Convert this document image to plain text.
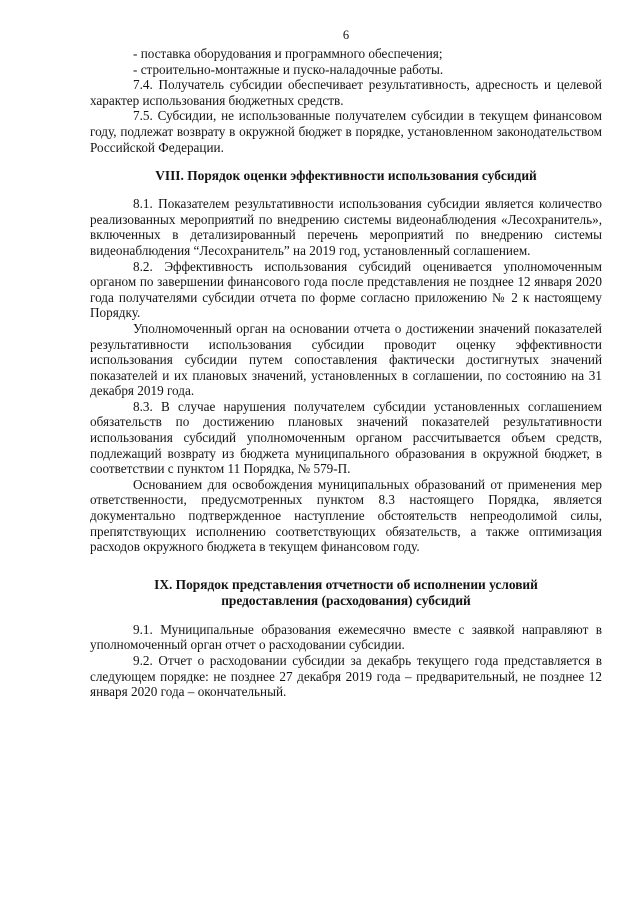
6

- поставка оборудования и программного обеспечения;

- строительно-монтажные и пуско-наладочные работы.

7.4. Получатель субсидии обеспечивает результативность, адресность и целевой характер использования бюджетных средств.

7.5. Субсидии, не использованные получателем субсидии в текущем финансовом году, подлежат возврату в окружной бюджет в порядке, установленном законодательством Российской Федерации.

VIII. Порядок оценки эффективности использования субсидий

8.1. Показателем результативности использования субсидии является количество реализованных мероприятий по внедрению системы видеонаблюдения «Лесохранитель», включенных в детализированный перечень мероприятий по внедрению системы видеонаблюдения “Лесохранитель” на 2019 год, установленный соглашением.

8.2. Эффективность использования субсидий оценивается уполномоченным органом по завершении финансового года после представления не позднее 12 января 2020 года получателями субсидии отчета по форме согласно приложению № 2 к настоящему Порядку.

Уполномоченный орган на основании отчета о достижении значений показателей результативности использования субсидии проводит оценку эффективности использования субсидии путем сопоставления фактически достигнутых значений показателей и их плановых значений, установленных в соглашении, по состоянию на 31 декабря 2019 года.

8.3. В случае нарушения получателем субсидии установленных соглашением обязательств по достижению плановых значений показателей результативности использования субсидий уполномоченным органом рассчитывается объем средств, подлежащий возврату из бюджета муниципального образования в окружной бюджет, в соответствии с пунктом 11 Порядка, № 579-П.

Основанием для освобождения муниципальных образований от применения мер ответственности, предусмотренных пунктом 8.3 настоящего Порядка, является документально подтвержденное наступление обстоятельств непреодолимой силы, препятствующих исполнению соответствующих обязательств, а также оптимизация расходов окружного бюджета в текущем финансовом году.

IX. Порядок представления отчетности об исполнении условий
предоставления (расходования) субсидий

9.1. Муниципальные образования ежемесячно вместе с заявкой направляют в уполномоченный орган отчет о расходовании субсидии.

9.2. Отчет о расходовании субсидии за декабрь текущего года представляется в следующем порядке: не позднее 27 декабря 2019 года – предварительный, не позднее 12 января 2020 года – окончательный.
